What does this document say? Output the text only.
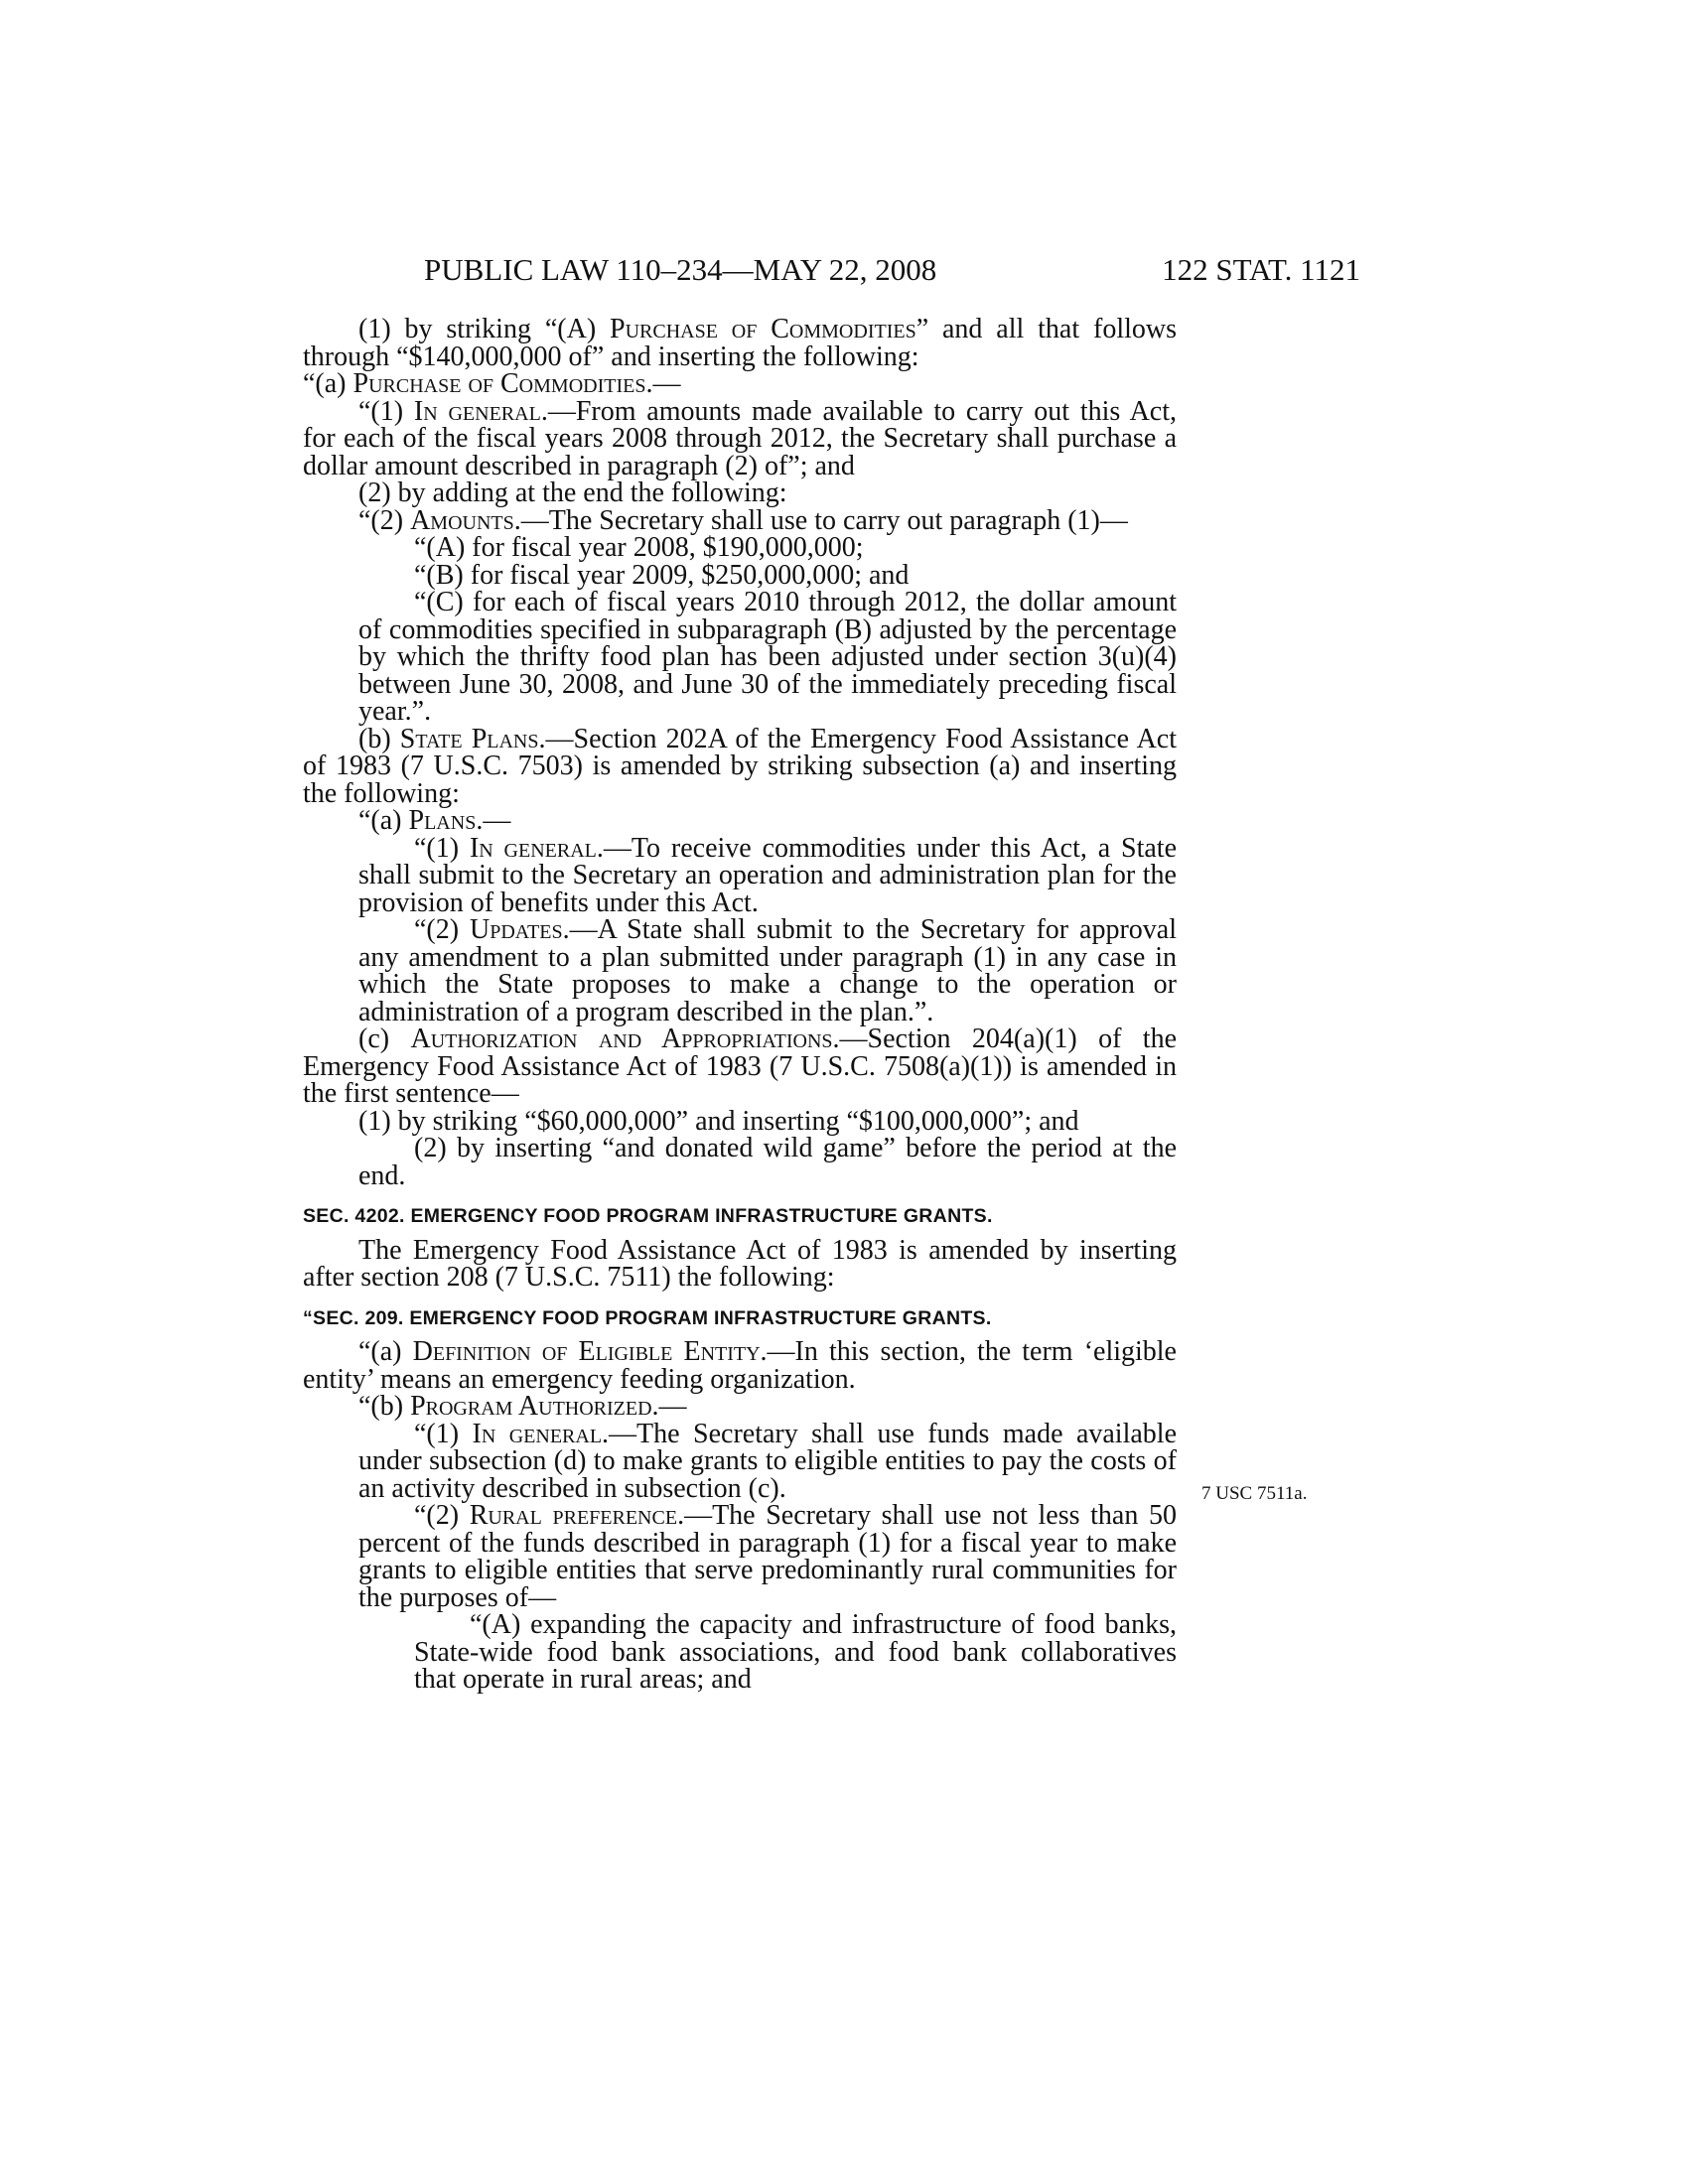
PUBLIC LAW 110–234—MAY 22, 2008	122 STAT. 1121

(1) by striking “(A) Purchase of Commodities” and all that follows through “$140,000,000 of” and inserting the following:

“(a) Purchase of Commodities.—

“(1) In general.—From amounts made available to carry out this Act, for each of the fiscal years 2008 through 2012, the Secretary shall purchase a dollar amount described in paragraph (2) of”; and

(2) by adding at the end the following:

“(2) Amounts.—The Secretary shall use to carry out paragraph (1)—

“(A) for fiscal year 2008, $190,000,000;

“(B) for fiscal year 2009, $250,000,000; and

“(C) for each of fiscal years 2010 through 2012, the dollar amount of commodities specified in subparagraph (B) adjusted by the percentage by which the thrifty food plan has been adjusted under section 3(u)(4) between June 30, 2008, and June 30 of the immediately preceding fiscal year.”.

(b) State Plans.—Section 202A of the Emergency Food Assistance Act of 1983 (7 U.S.C. 7503) is amended by striking subsection (a) and inserting the following:

“(a) Plans.—

“(1) In general.—To receive commodities under this Act, a State shall submit to the Secretary an operation and administration plan for the provision of benefits under this Act.

“(2) Updates.—A State shall submit to the Secretary for approval any amendment to a plan submitted under paragraph (1) in any case in which the State proposes to make a change to the operation or administration of a program described in the plan.”.

(c) Authorization and Appropriations.—Section 204(a)(1) of the Emergency Food Assistance Act of 1983 (7 U.S.C. 7508(a)(1)) is amended in the first sentence—

(1) by striking “$60,000,000” and inserting “$100,000,000”; and

(2) by inserting “and donated wild game” before the period at the end.

SEC. 4202. EMERGENCY FOOD PROGRAM INFRASTRUCTURE GRANTS.

The Emergency Food Assistance Act of 1983 is amended by inserting after section 208 (7 U.S.C. 7511) the following:

“SEC. 209. EMERGENCY FOOD PROGRAM INFRASTRUCTURE GRANTS.

“(a) Definition of Eligible Entity.—In this section, the term ‘eligible entity’ means an emergency feeding organization.

“(b) Program Authorized.—

“(1) In general.—The Secretary shall use funds made available under subsection (d) to make grants to eligible entities to pay the costs of an activity described in subsection (c).

“(2) Rural preference.—The Secretary shall use not less than 50 percent of the funds described in paragraph (1) for a fiscal year to make grants to eligible entities that serve predominantly rural communities for the purposes of—

“(A) expanding the capacity and infrastructure of food banks, State-wide food bank associations, and food bank collaboratives that operate in rural areas; and

7 USC 7511a.
